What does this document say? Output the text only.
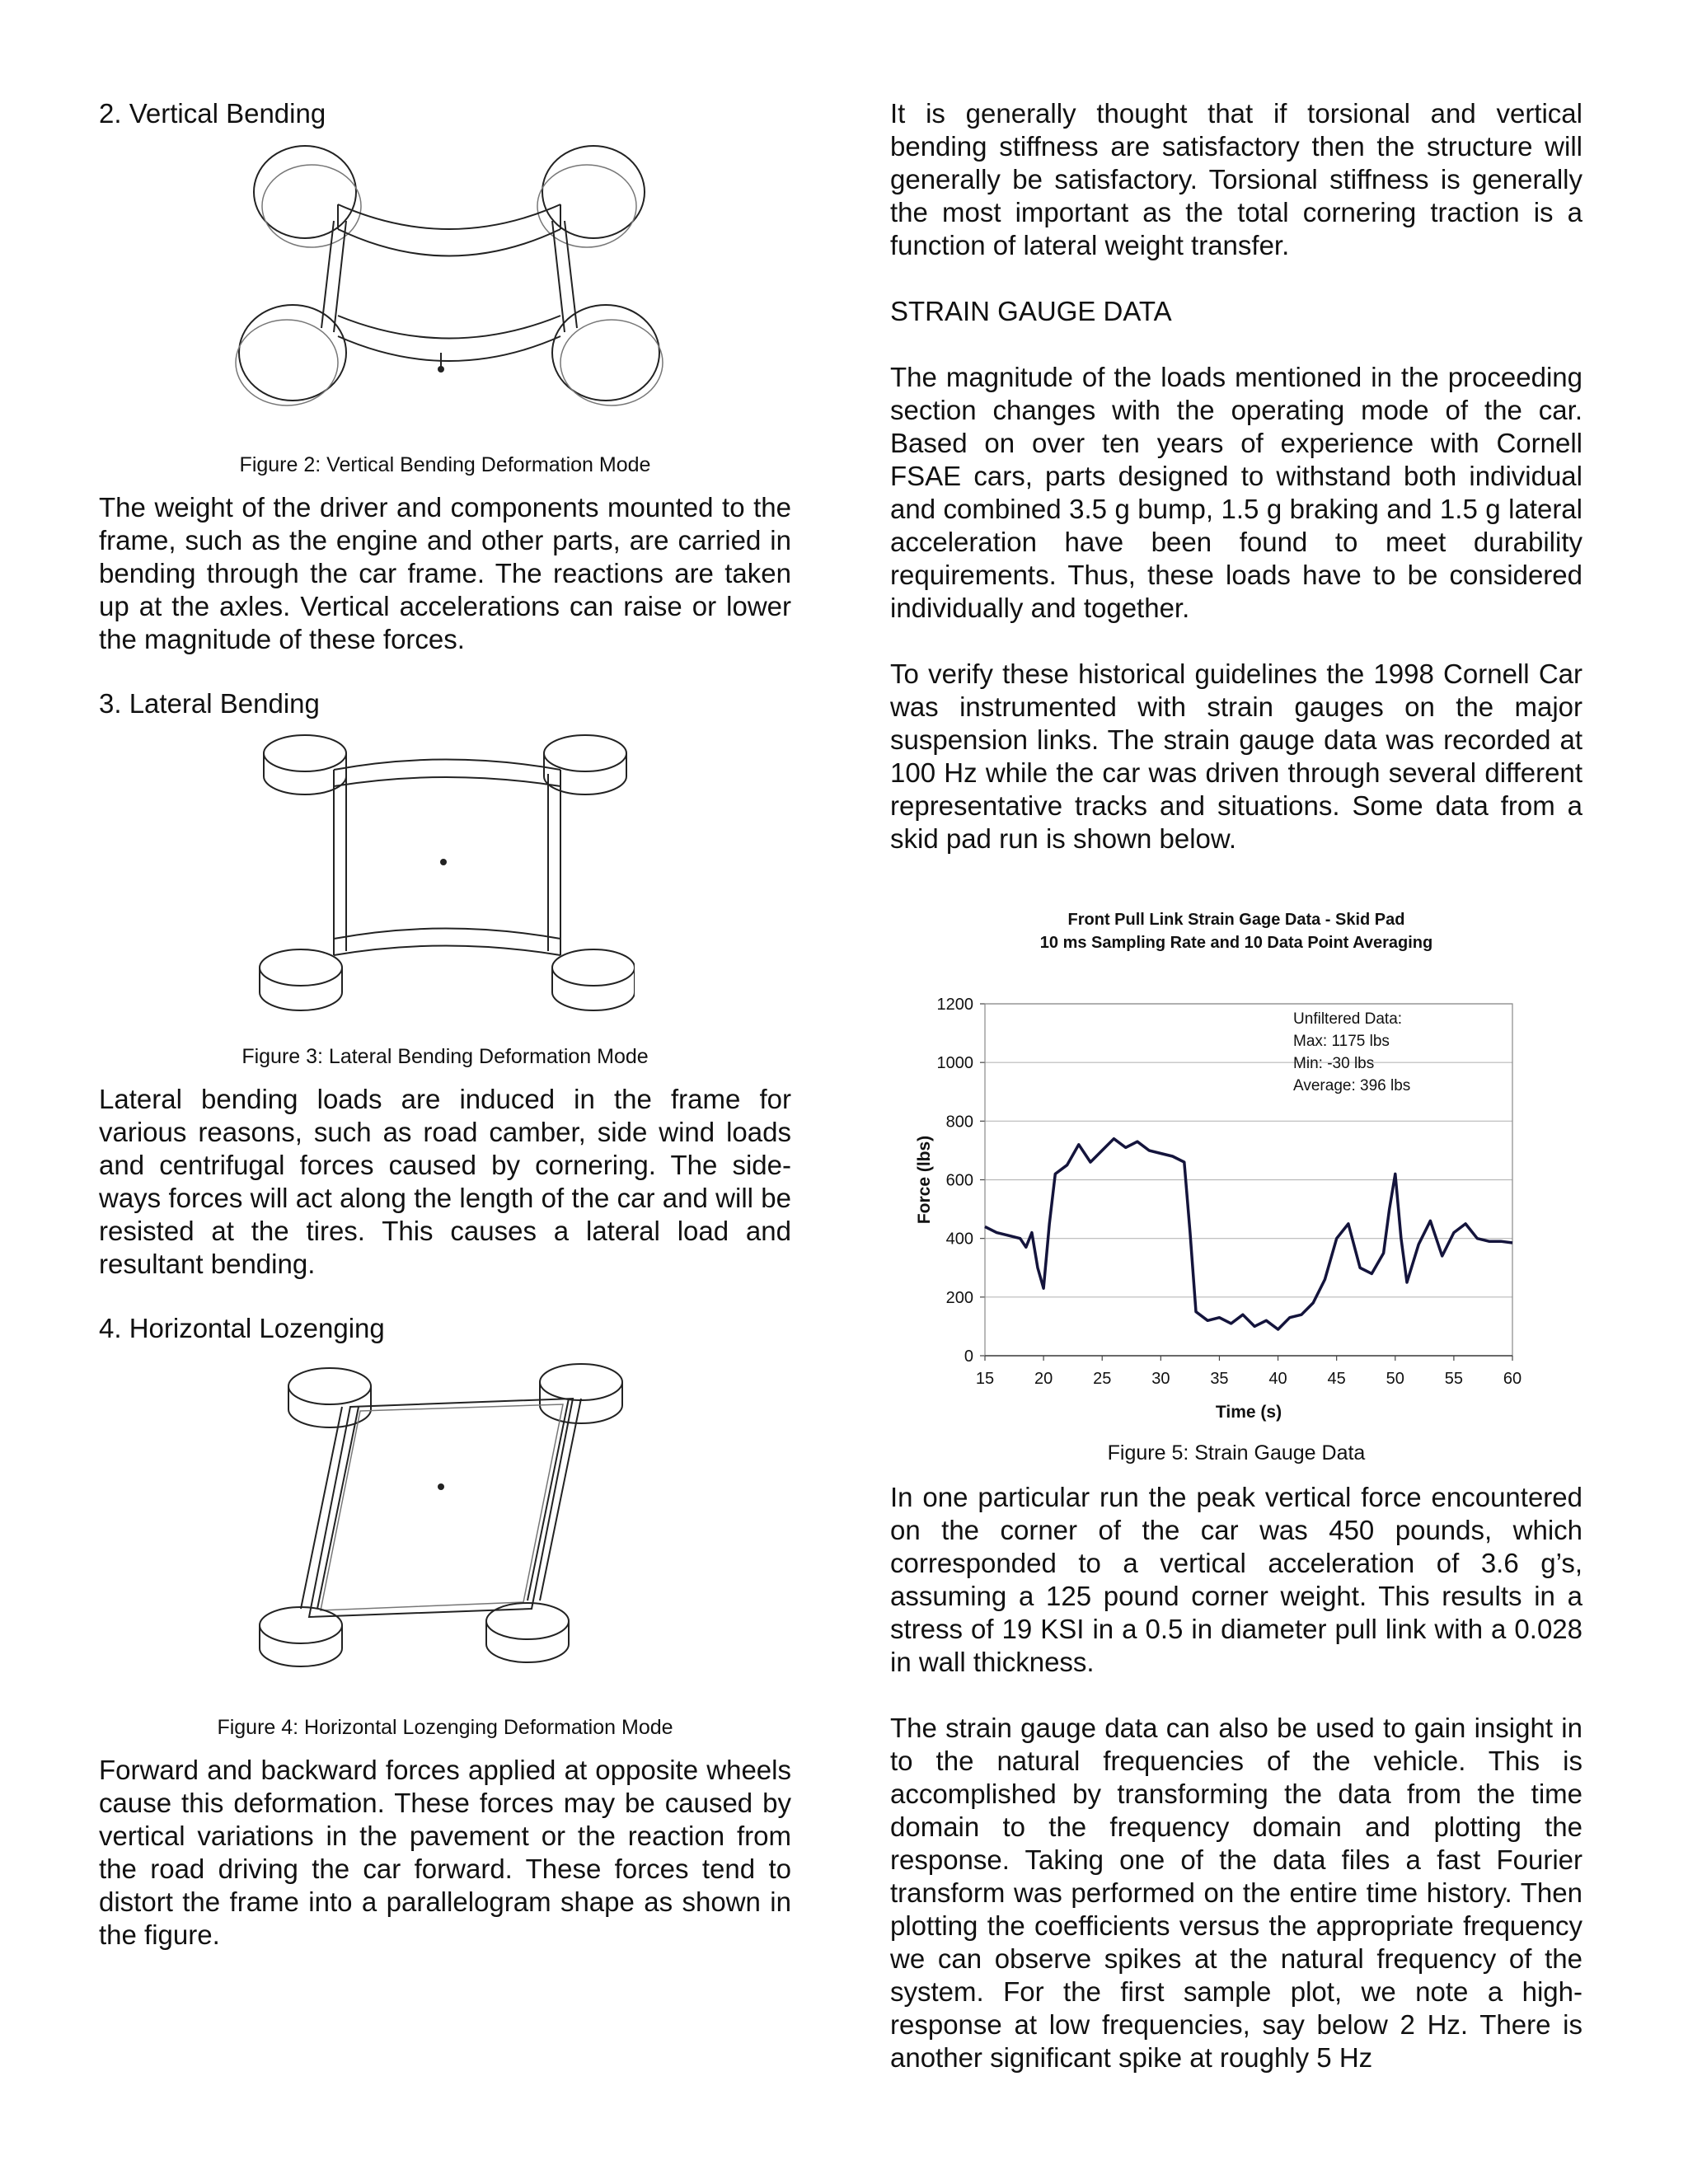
2. Vertical Bending

Figure 2: Vertical Bending Deformation Mode

The weight of the driver and components mounted to the frame, such as the engine and other parts, are carried in bending through the car frame. The reactions are taken up at the axles. Vertical accelerations can raise or lower the magnitude of these forces.

3. Lateral Bending

Figure 3: Lateral Bending Deformation Mode

Lateral bending loads are induced in the frame for various reasons, such as road camber, side wind loads and centrifugal forces caused by cornering. The side-ways forces will act along the length of the car and will be resisted at the tires. This causes a lateral load and resultant bending.

4. Horizontal Lozenging

Figure 4: Horizontal Lozenging Deformation Mode

Forward and backward forces applied at opposite wheels cause this deformation. These forces may be caused by vertical variations in the pavement or the reaction from the road driving the car forward. These forces tend to distort the frame into a parallelogram shape as shown in the figure.

It is generally thought that if torsional and vertical bending stiffness are satisfactory then the structure will generally be satisfactory. Torsional stiffness is generally the most important as the total cornering traction is a function of lateral weight transfer.

STRAIN GAUGE DATA

The magnitude of the loads mentioned in the proceeding section changes with the operating mode of the car. Based on over ten years of experience with Cornell FSAE cars, parts designed to withstand both individual and combined 3.5 g bump, 1.5 g braking and 1.5 g lateral acceleration have been found to meet durability requirements. Thus, these loads have to be considered individually and together.

To verify these historical guidelines the 1998 Cornell Car was instrumented with strain gauges on the major suspension links. The strain gauge data was recorded at 100 Hz while the car was driven through several different representative tracks and situations. Some data from a skid pad run is shown below.

Front Pull Link Strain Gage Data - Skid Pad

10 ms Sampling Rate and 10 Data Point Averaging

0
200
400
600
800
1000
1200
15 20 25 30 35 40 45 50 55 60
Time (s)
Force (lbs)
Unfiltered Data:
Max: 1175 lbs
Min: -30 lbs
Average: 396 lbs

Figure 5: Strain Gauge Data

In one particular run the peak vertical force encountered on the corner of the car was 450 pounds, which corresponded to a vertical acceleration of 3.6 g’s, assuming a 125 pound corner weight. This results in a stress of 19 KSI in a 0.5 in diameter pull link with a 0.028 in wall thickness.

The strain gauge data can also be used to gain insight in to the natural frequencies of the vehicle. This is accomplished by transforming the data from the time domain to the frequency domain and plotting the response. Taking one of the data files a fast Fourier transform was performed on the entire time history. Then plotting the coefficients versus the appropriate frequency we can observe spikes at the natural frequency of the system. For the first sample plot, we note a high-response at low frequencies, say below 2 Hz. There is another significant spike at roughly 5 Hz
